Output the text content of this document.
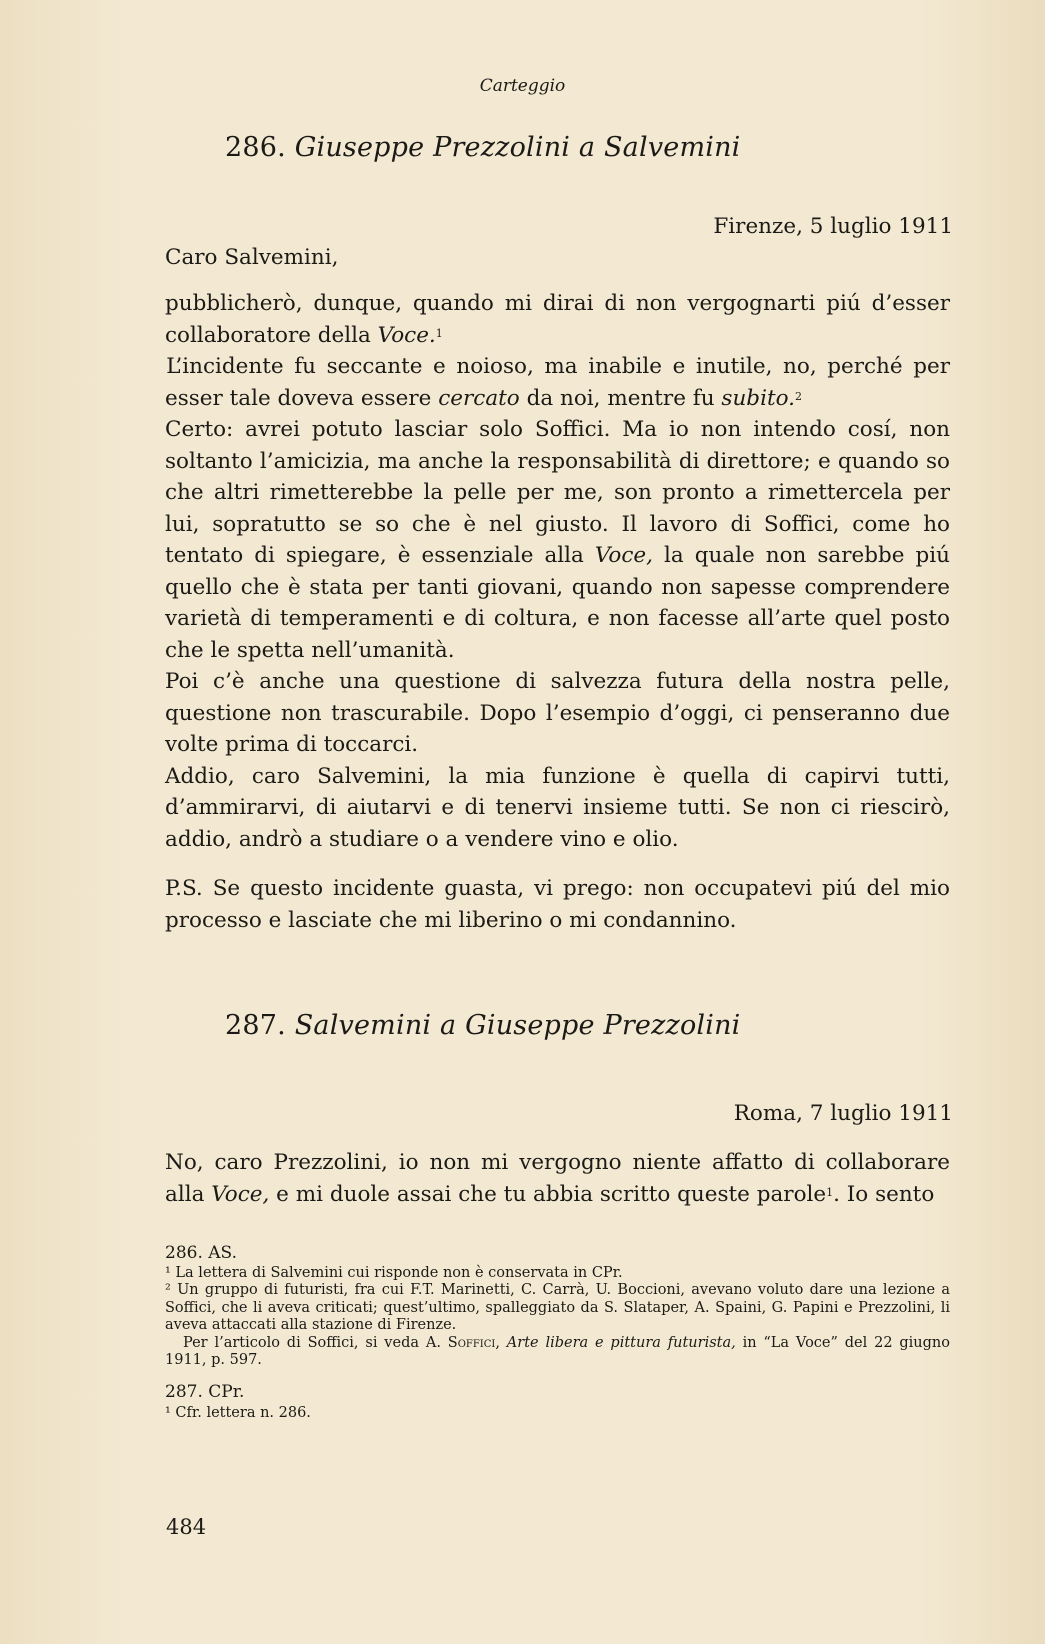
Carteggio
286. Giuseppe Prezzolini a Salvemini
Firenze, 5 luglio 1911
Caro Salvemini,

pubblicherò, dunque, quando mi dirai di non vergognarti piú d’esser collaboratore della Voce.$^1$

 L’incidente fu seccante e noioso, ma inabile e inutile, no, perché per esser tale doveva essere cercato da noi, mentre fu subito.$^2$

Certo: avrei potuto lasciar solo Soffici. Ma io non intendo cosí, non soltanto l’amicizia, ma anche la responsabilità di direttore; e quando so che altri rimetterebbe la pelle per me, son pronto a rimettercela per lui, sopratutto se so che è nel giusto. Il lavoro di Soffici, come ho tentato di spiegare, è essenziale alla Voce, la quale non sarebbe piú quello che è stata per tanti giovani, quando non sapesse comprendere varietà di temperamenti e di coltura, e non facesse all’arte quel posto che le spetta nell’umanità.

Poi c’è anche una questione di salvezza futura della nostra pelle, questione non trascurabile. Dopo l’esempio d’oggi, ci penseranno due volte prima di toccarci.

Addio, caro Salvemini, la mia funzione è quella di capirvi tutti, d’ammirarvi, di aiutarvi e di tenervi insieme tutti. Se non ci riescirò, addio, andrò a studiare o a vendere vino e olio.

P.S. Se questo incidente guasta, vi prego: non occupatevi piú del mio processo e lasciate che mi liberino o mi condannino.

287. Salvemini a Giuseppe Prezzolini
Roma, 7 luglio 1911

No, caro Prezzolini, io non mi vergogno niente affatto di collaborare alla Voce, e mi duole assai che tu abbia scritto queste parole$^1$. Io sento

286. AS.

¹ La lettera di Salvemini cui risponde non è conservata in CPr.

² Un gruppo di futuristi, fra cui F.T. Marinetti, C. Carrà, U. Boccioni, avevano voluto dare una lezione a Soffici, che li aveva criticati; quest’ultimo, spalleggiato da S. Slataper, A. Spaini, G. Papini e Prezzolini, li aveva attaccati alla stazione di Firenze.

Per l’articolo di Soffici, si veda A. Soffici, Arte libera e pittura futurista, in “La Voce” del 22 giugno 1911, p. 597.

287. CPr.

¹ Cfr. lettera n. 286.

484
